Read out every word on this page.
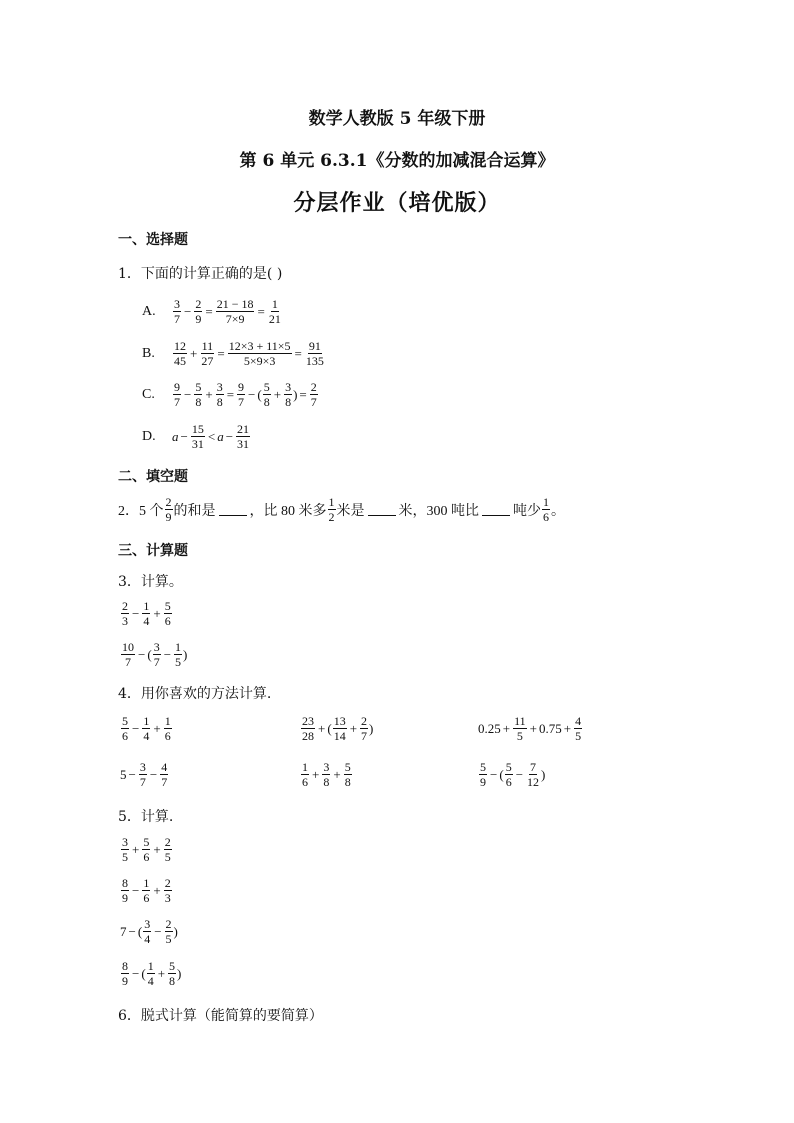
数学人教版 5 年级下册
第 6 单元 6.3.1《分数的加减混合运算》
分层作业（培优版）
一、选择题
1．下面的计算正确的是( )
A.	$\frac{3}{7} - \frac{2}{9} = \frac{21 - 18}{7\times 9} = \frac{1}{21}$
B.	$\frac{12}{45} + \frac{11}{27} = \frac{12\times 3 + 11\times 5}{5\times 9\times 3} = \frac{91}{135}$
C.	$\frac{9}{7} - \frac{5}{8} + \frac{3}{8} = \frac{9}{7}$ − ( $\frac{5}{8} + \frac{3}{8}$ ) = $\frac{2}{7}$
D.	$a - \frac{15}{31} < a - \frac{21}{31}$
二、填空题
2．5 个 $\frac{2}{9}$ 的和是 ，比 80 米多 $\frac{1}{2}$ 米是 米，300 吨比 吨少 $\frac{1}{6}$ 。
三、计算题
3．计算。
$\frac{2}{3} - \frac{1}{4} + \frac{5}{6}$
$\frac{10}{7}$ − ( $\frac{3}{7} - \frac{1}{5}$ )
4．用你喜欢的方法计算.
$\frac{5}{6} - \frac{1}{4} + \frac{1}{6}$	$\frac{23}{28}$ + ( $\frac{13}{14} + \frac{2}{7}$ )	$0.25 + \frac{11}{5} + 0.75 + \frac{4}{5}$
$5 - \frac{3}{7} - \frac{4}{7}$	$\frac{1}{6} + \frac{3}{8} + \frac{5}{8}$	$\frac{5}{9}$ − ( $\frac{5}{6} - \frac{7}{12}$ )
5．计算.
$\frac{3}{5} + \frac{5}{6} + \frac{2}{5}$
$\frac{8}{9} - \frac{1}{6} + \frac{2}{3}$
7 − ( $\frac{3}{4} - \frac{2}{5}$ )
$\frac{8}{9}$ − ( $\frac{1}{4} + \frac{5}{8}$ )
6．脱式计算（能简算的要简算）
